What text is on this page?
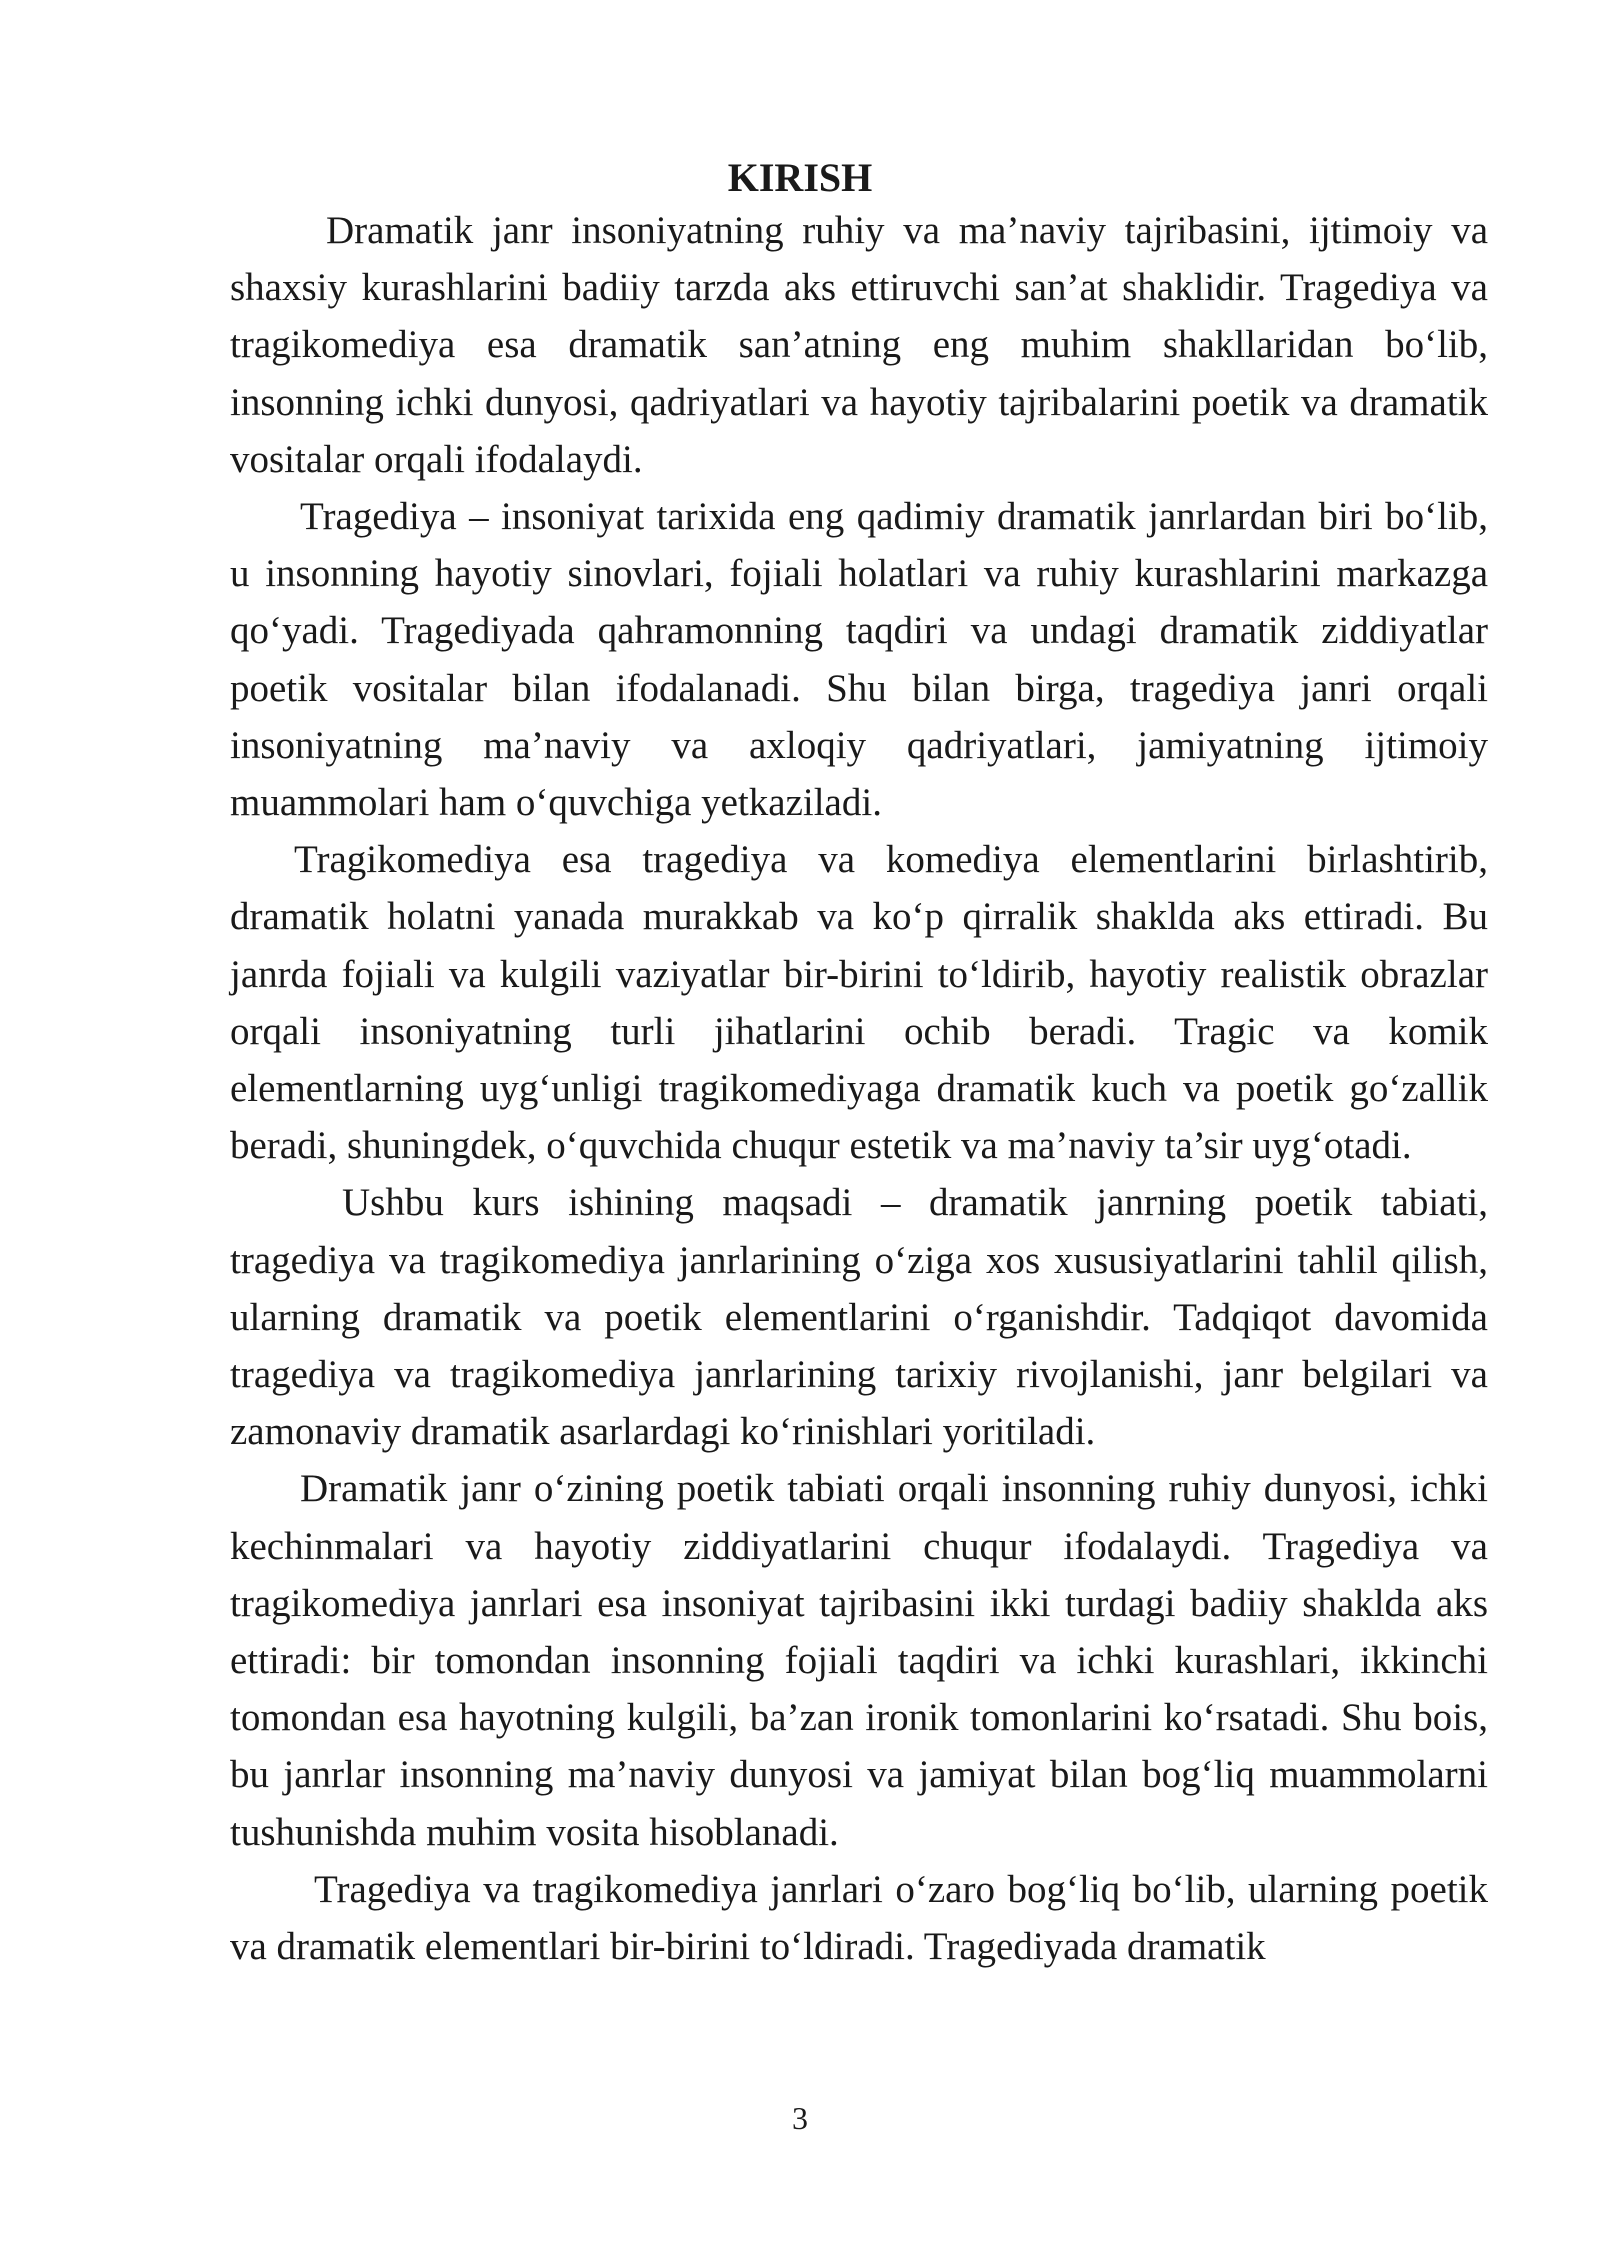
KIRISH

Dramatik janr insoniyatning ruhiy va ma’naviy tajribasini, ijtimoiy va shaxsiy kurashlarini badiiy tarzda aks ettiruvchi san’at shaklidir. Tragediya va tragikomediya esa dramatik san’atning eng muhim shakllaridan bo‘lib, insonning ichki dunyosi, qadriyatlari va hayotiy tajribalarini poetik va dramatik vositalar orqali ifodalaydi.

Tragediya – insoniyat tarixida eng qadimiy dramatik janrlardan biri bo‘lib, u insonning hayotiy sinovlari, fojiali holatlari va ruhiy kurashlarini markazga qo‘yadi. Tragediyada qahramonning taqdiri va undagi dramatik ziddiyatlar poetik vositalar bilan ifodalanadi. Shu bilan birga, tragediya janri orqali insoniyatning ma’naviy va axloqiy qadriyatlari, jamiyatning ijtimoiy muammolari ham o‘quvchiga yetkaziladi.

Tragikomediya esa tragediya va komediya elementlarini birlashtirib, dramatik holatni yanada murakkab va ko‘p qirralik shaklda aks ettiradi. Bu janrda fojiali va kulgili vaziyatlar bir-birini to‘ldirib, hayotiy realistik obrazlar orqali insoniyatning turli jihatlarini ochib beradi. Tragic va komik elementlarning uyg‘unligi tragikomediyaga dramatik kuch va poetik go‘zallik beradi, shuningdek, o‘quvchida chuqur estetik va ma’naviy ta’sir uyg‘otadi.

Ushbu kurs ishining maqsadi – dramatik janrning poetik tabiati, tragediya va tragikomediya janrlarining o‘ziga xos xususiyatlarini tahlil qilish, ularning dramatik va poetik elementlarini o‘rganishdir. Tadqiqot davomida tragediya va tragikomediya janrlarining tarixiy rivojlanishi, janr belgilari va zamonaviy dramatik asarlardagi ko‘rinishlari yoritiladi.

Dramatik janr o‘zining poetik tabiati orqali insonning ruhiy dunyosi, ichki kechinmalari va hayotiy ziddiyatlarini chuqur ifodalaydi. Tragediya va tragikomediya janrlari esa insoniyat tajribasini ikki turdagi badiiy shaklda aks ettiradi: bir tomondan insonning fojiali taqdiri va ichki kurashlari, ikkinchi tomondan esa hayotning kulgili, ba’zan ironik tomonlarini ko‘rsatadi. Shu bois, bu janrlar insonning ma’naviy dunyosi va jamiyat bilan bog‘liq muammolarni tushunishda muhim vosita hisoblanadi.

Tragediya va tragikomediya janrlari o‘zaro bog‘liq bo‘lib, ularning poetik va dramatik elementlari bir-birini to‘ldiradi. Tragediyada dramatik

3
